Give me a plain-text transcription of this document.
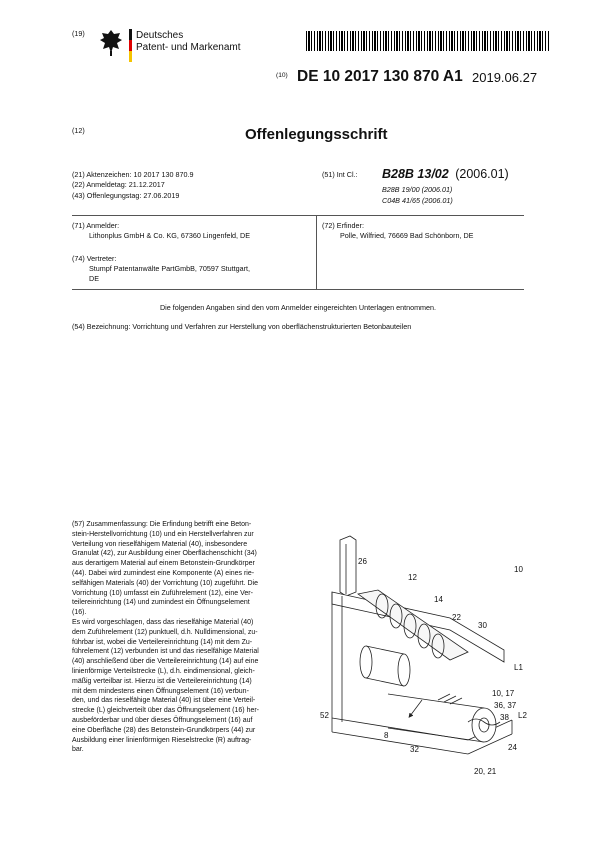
(19)	Deutsches
Patent- und Markenamt
(10) DE 10 2017 130 870 A1 2019.06.27
(12)	Offenlegungsschrift
(21) Aktenzeichen: 10 2017 130 870.9
(22) Anmeldetag: 21.12.2017
(43) Offenlegungstag: 27.06.2019
(51) Int Cl.: B28B 13/02 (2006.01)
B28B 19/00 (2006.01)
C04B 41/65 (2006.01)
(71) Anmelder:
Lithonplus GmbH & Co. KG, 67360 Lingenfeld, DE
(72) Erfinder:
Polle, Wilfried, 76669 Bad Schönborn, DE
(74) Vertreter:
Stumpf Patentanwälte PartGmbB, 70597 Stuttgart,
DE
Die folgenden Angaben sind den vom Anmelder eingereichten Unterlagen entnommen.
(54) Bezeichnung: Vorrichtung und Verfahren zur Herstellung von oberflächenstrukturierten Betonbauteilen

(57) Zusammenfassung: Die Erfindung betrifft eine Beton-

stein-Herstellvorrichtung (10) und ein Herstellverfahren zur

Verteilung von rieselfähigem Material (40), insbesondere

Granulat (42), zur Ausbildung einer Oberflächenschicht (34)

aus derartigem Material auf einem Betonstein-Grundkörper

(44). Dabei wird zumindest eine Komponente (A) eines rie-

selfähigen Materials (40) der Vorrichtung (10) zugeführt. Die

Vorrichtung (10) umfasst ein Zuführelement (12), eine Ver-

teilereinrichtung (14) und zumindest ein Öffnungselement

(16).

Es wird vorgeschlagen, dass das rieselfähige Material (40)

dem Zuführelement (12) punktuell, d.h. Nulldimensional, zu-

führbar ist, wobei die Verteilereinrichtung (14) mit dem Zu-

führelement (12) verbunden ist und das rieselfähige Material

(40) anschließend über die Verteilereinrichtung (14) auf eine

linienförmige Verteilstrecke (L), d.h. eindimensional, gleich-

mäßig verteilbar ist. Hierzu ist die Verteilereinrichtung (14)

mit dem mindestens einen Öffnungselement (16) verbun-

den, und das rieselfähige Material (40) ist über eine Verteil-

strecke (L) gleichverteilt über das Öffnungselement (16) her-

ausbeförderbar und über dieses Öffnungselement (16) auf

eine Oberfläche (28) des Betonstein-Grundkörpers (44) zur

Ausbildung einer linienförmigen Rieselstrecke (R) auftrag-

bar.

26
12
10
14
22
30
L1
10, 17
36, 37
38 L2
24
52
8
32
20, 21
